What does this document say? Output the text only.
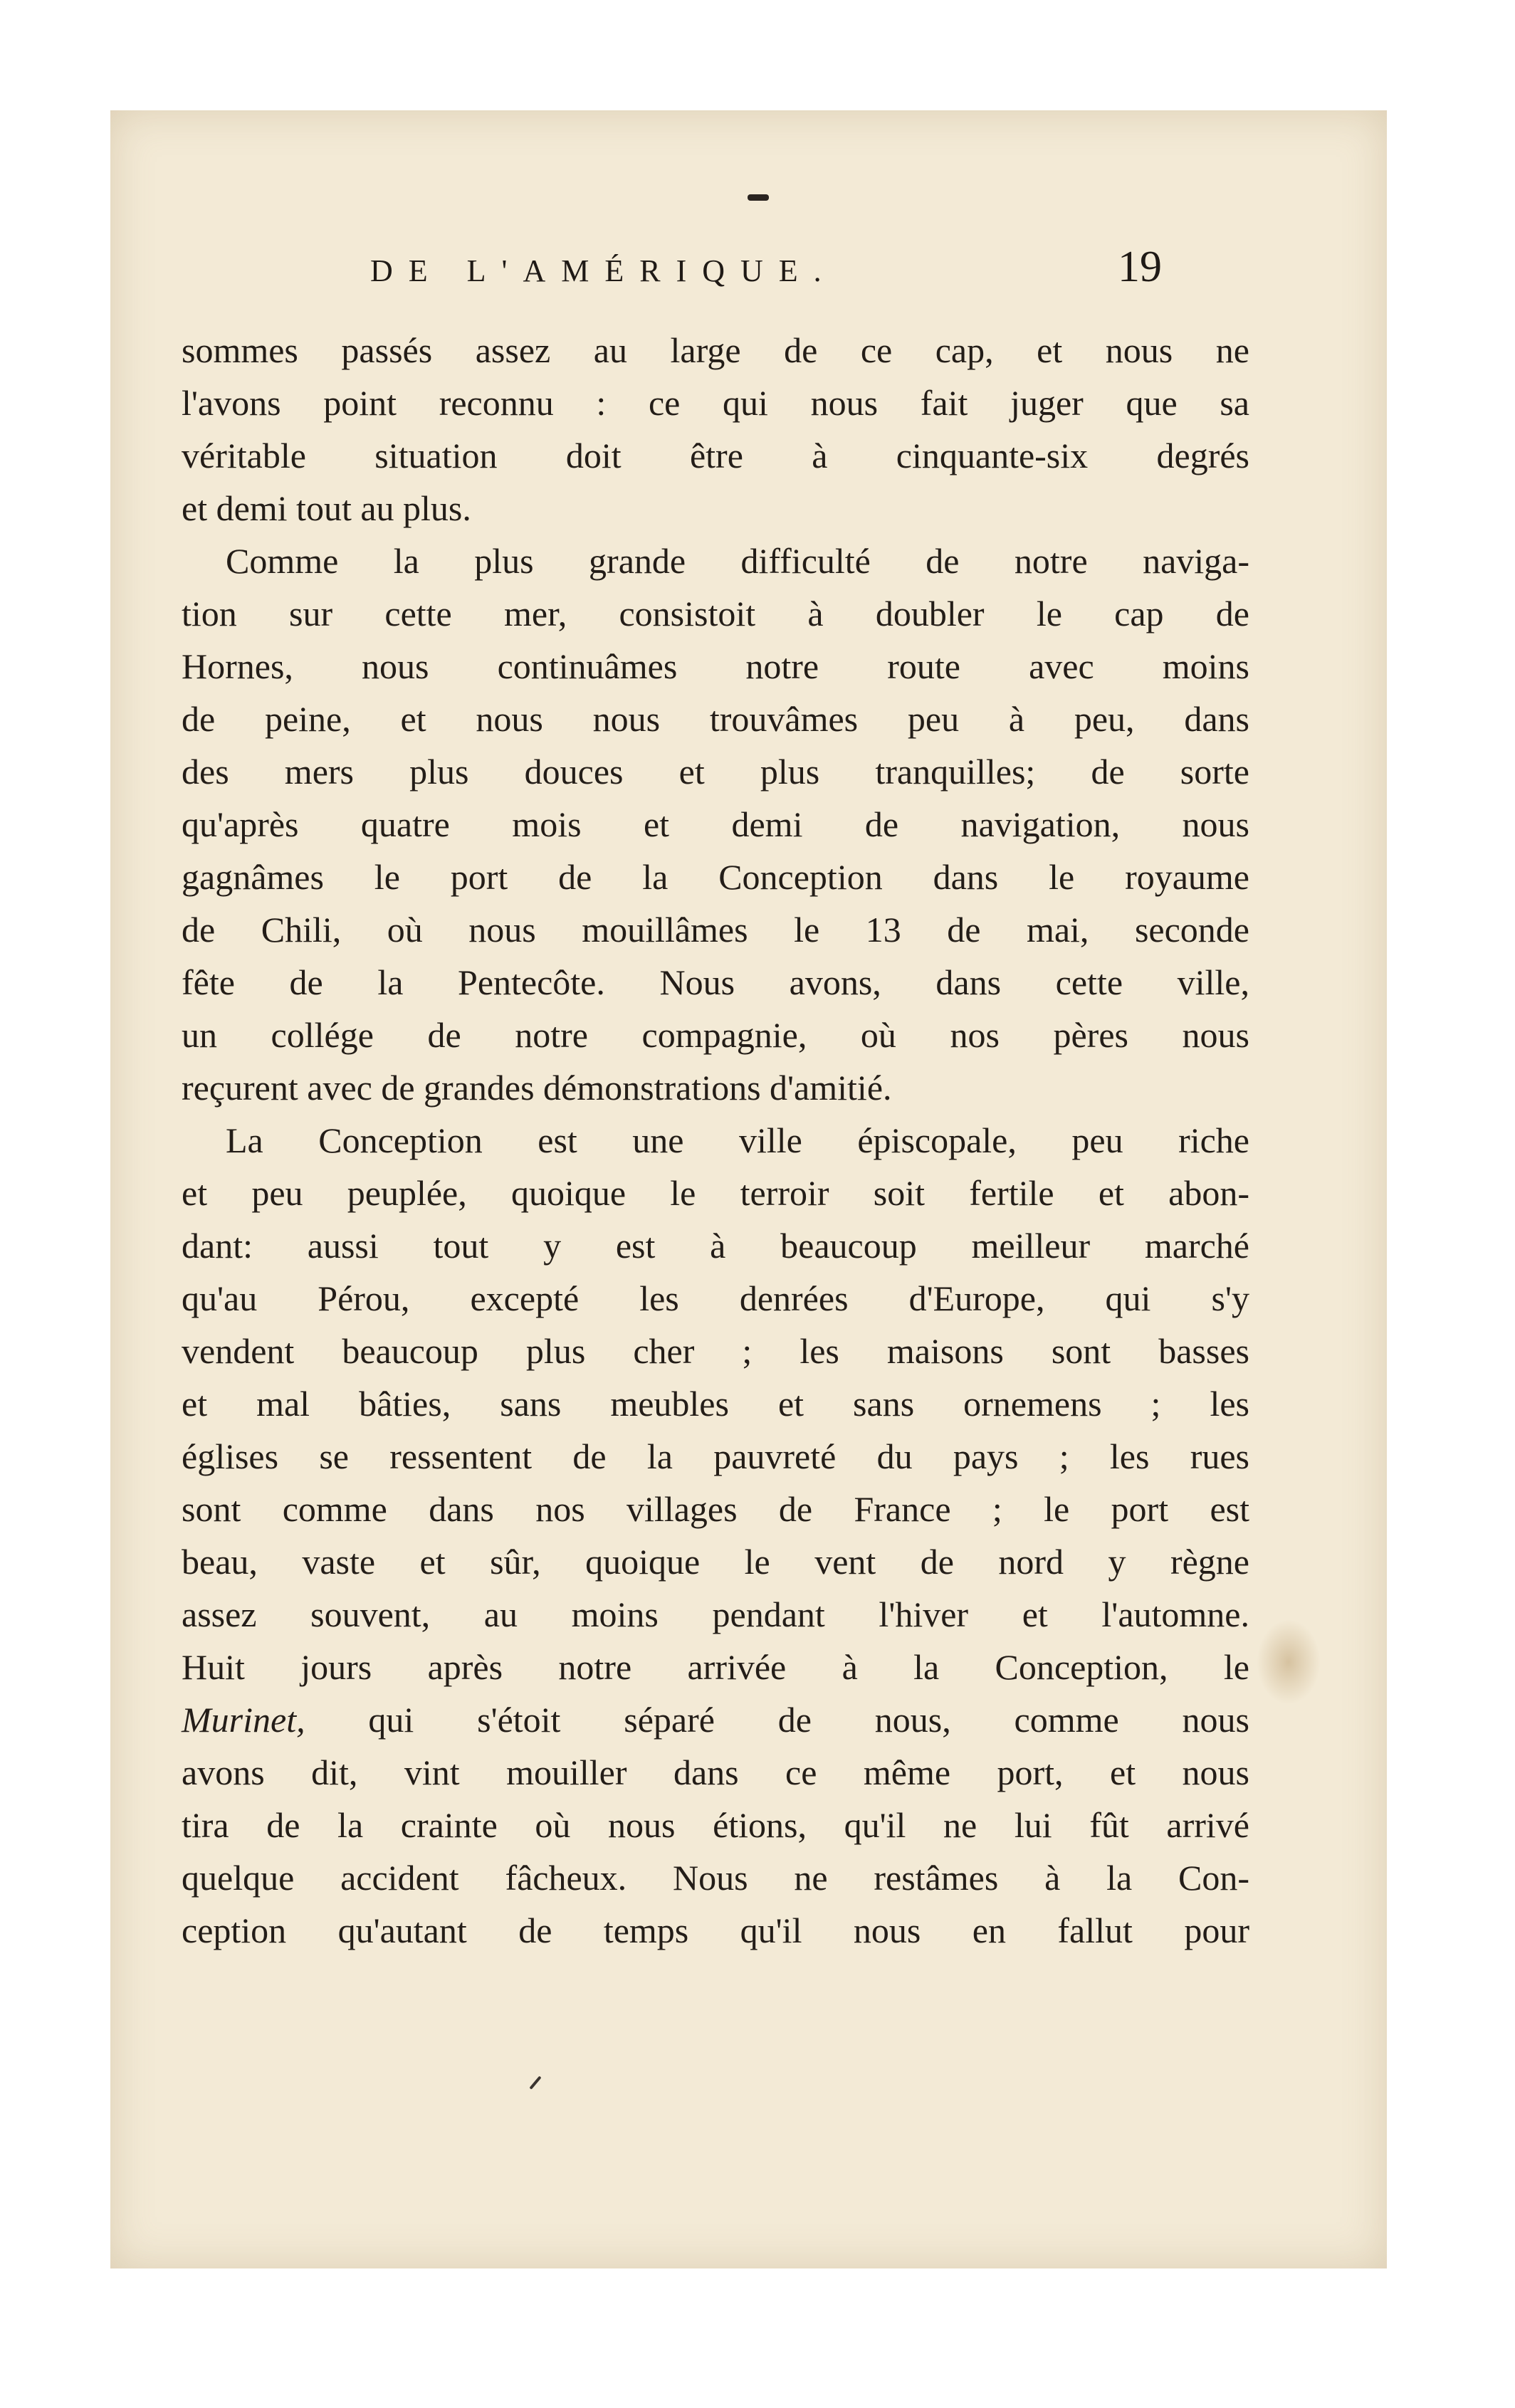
DE L'AMÉRIQUE.	19
sommes passés assez au large de ce cap, et nous ne
l'avons point reconnu : ce qui nous fait juger que sa
véritable situation doit être à cinquante-six degrés
et demi tout au plus.
Comme la plus grande difficulté de notre naviga-
tion sur cette mer, consistoit à doubler le cap de
Hornes, nous continuâmes notre route avec moins
de peine, et nous nous trouvâmes peu à peu, dans
des mers plus douces et plus tranquilles; de sorte
qu'après quatre mois et demi de navigation, nous
gagnâmes le port de la Conception dans le royaume
de Chili, où nous mouillâmes le 13 de mai, seconde
fête de la Pentecôte. Nous avons, dans cette ville,
un collége de notre compagnie, où nos pères nous
reçurent avec de grandes démonstrations d'amitié.
La Conception est une ville épiscopale, peu riche
et peu peuplée, quoique le terroir soit fertile et abon-
dant: aussi tout y est à beaucoup meilleur marché
qu'au Pérou, excepté les denrées d'Europe, qui s'y
vendent beaucoup plus cher ; les maisons sont basses
et mal bâties, sans meubles et sans ornemens ; les
églises se ressentent de la pauvreté du pays ; les rues
sont comme dans nos villages de France ; le port est
beau, vaste et sûr, quoique le vent de nord y règne
assez souvent, au moins pendant l'hiver et l'automne.
Huit jours après notre arrivée à la Conception, le
Murinet, qui s'étoit séparé de nous, comme nous
avons dit, vint mouiller dans ce même port, et nous
tira de la crainte où nous étions, qu'il ne lui fût arrivé
quelque accident fâcheux. Nous ne restâmes à la Con-
ception qu'autant de temps qu'il nous en fallut pour
